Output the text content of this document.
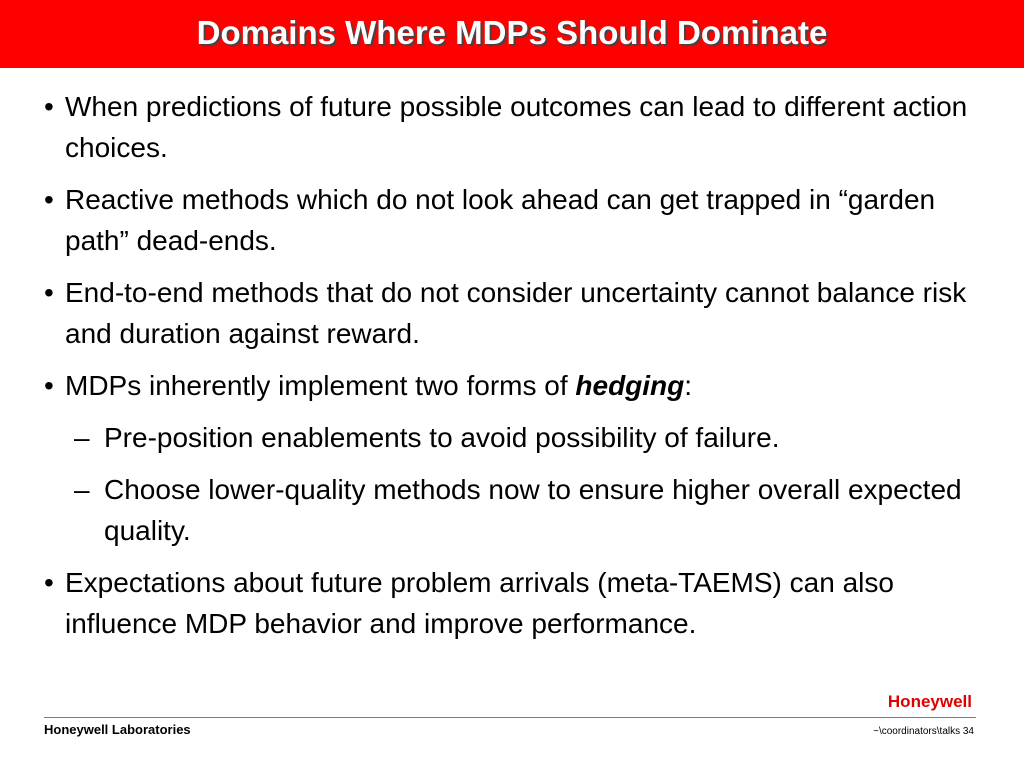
Domains Where MDPs Should Dominate
• When predictions of future possible outcomes can lead to different action choices.
• Reactive methods which do not look ahead can get trapped in “garden path” dead-ends.
• End-to-end methods that do not consider uncertainty cannot balance risk and duration against reward.
• MDPs inherently implement two forms of hedging:
– Pre-position enablements to avoid possibility of failure.
– Choose lower-quality methods now to ensure higher overall expected quality.
• Expectations about future problem arrivals (meta-TAEMS) can also influence MDP behavior and improve performance.
Honeywell
Honeywell Laboratories	~\coordinators\talks 34
